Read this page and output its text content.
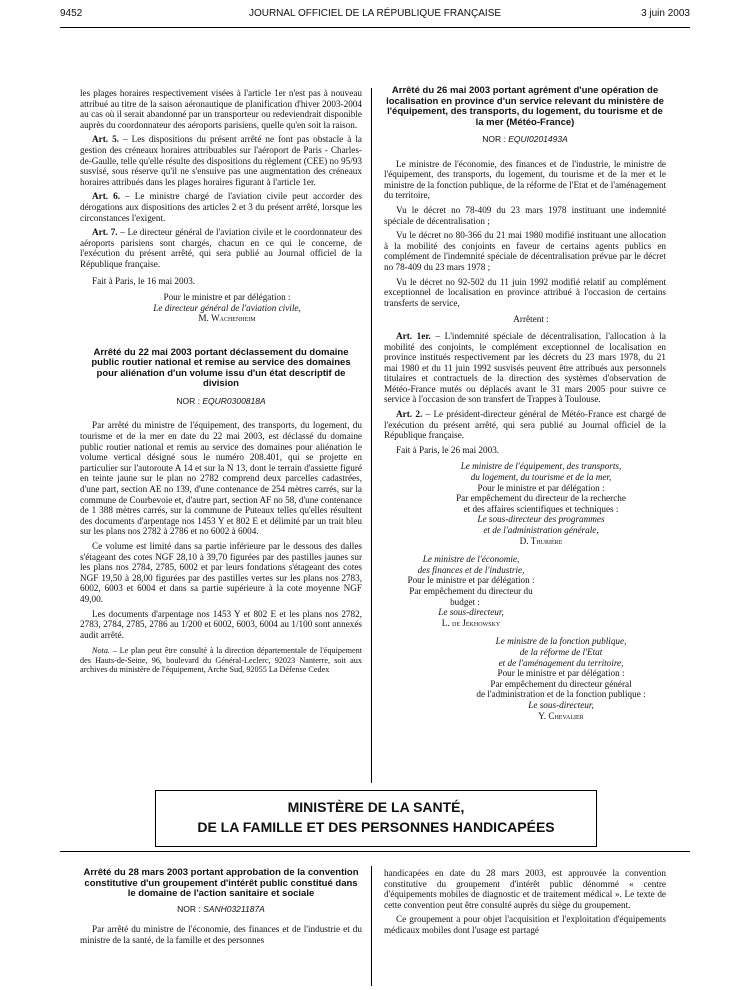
9452	JOURNAL OFFICIEL DE LA RÉPUBLIQUE FRANÇAISE	3 juin 2003

les plages horaires respectivement visées à l'article 1er n'est pas à nouveau attribué au titre de la saison aéronautique de planification d'hiver 2003-2004 au cas où il serait abandonné par un transporteur ou redeviendrait disponible auprès du coordonnateur des aéroports parisiens, quelle qu'en soit la raison.

Art. 5. – Les dispositions du présent arrêté ne font pas obstacle à la gestion des créneaux horaires attribuables sur l'aéroport de Paris - Charles-de-Gaulle, telle qu'elle résulte des dispositions du règlement (CEE) no 95/93 susvisé, sous réserve qu'il ne s'ensuive pas une augmentation des créneaux horaires attribués dans les plages horaires figurant à l'article 1er.

Art. 6. – Le ministre chargé de l'aviation civile peut accorder des dérogations aux dispositions des articles 2 et 3 du présent arrêté, lorsque les circonstances l'exigent.

Art. 7. – Le directeur général de l'aviation civile et le coordonnateur des aéroports parisiens sont chargés, chacun en ce qui le concerne, de l'exécution du présent arrêté, qui sera publié au Journal officiel de la République française.

Fait à Paris, le 16 mai 2003.

Pour le ministre et par délégation :

Le directeur général de l'aviation civile,

M. Wachenheim

Arrêté du 22 mai 2003 portant déclassement du domaine public routier national et remise au service des domaines pour aliénation d'un volume issu d'un état descriptif de division
NOR : EQUR0300818A

Par arrêté du ministre de l'équipement, des transports, du logement, du tourisme et de la mer en date du 22 mai 2003, est déclassé du domaine public routier national et remis au service des domaines pour aliénation le volume vertical désigné sous le numéro 208.401, qui se projette en particulier sur l'autoroute A 14 et sur la N 13, dont le terrain d'assiette figuré en teinte jaune sur le plan no 2782 comprend deux parcelles cadastrées, d'une part, section AE no 139, d'une contenance de 254 mètres carrés, sur la commune de Courbevoie et, d'autre part, section AF no 58, d'une contenance de 1 388 mètres carrés, sur la commune de Puteaux telles qu'elles résultent des documents d'arpentage nos 1453 Y et 802 E et délimité par un trait bleu sur les plans nos 2782 à 2786 et no 6002 à 6004.

Ce volume est limité dans sa partie inférieure par le dessous des dalles s'étageant des cotes NGF 28,10 à 39,70 figurées par des pastilles jaunes sur les plans nos 2784, 2785, 6002 et par leurs fondations s'étageant des cotes NGF 19,50 à 28,00 figurées par des pastilles vertes sur les plans nos 2783, 6002, 6003 et 6004 et dans sa partie supérieure à la cote moyenne NGF 49,00.

Les documents d'arpentage nos 1453 Y et 802 E et les plans nos 2782, 2783, 2784, 2785, 2786 au 1/200 et 6002, 6003, 6004 au 1/100 sont annexés audit arrêté.

Nota. – Le plan peut être consulté à la direction départementale de l'équipement des Hauts-de-Seine, 96, boulevard du Général-Leclerc, 92023 Nanterre, soit aux archives du ministère de l'équipement, Arche Sud, 92055 La Défense Cedex
Arrêté du 26 mai 2003 portant agrément d'une opération de localisation en province d'un service relevant du ministère de l'équipement, des transports, du logement, du tourisme et de la mer (Météo-France)
NOR : EQUI0201493A

Le ministre de l'économie, des finances et de l'industrie, le ministre de l'équipement, des transports, du logement, du tourisme et de la mer et le ministre de la fonction publique, de la réforme de l'Etat et de l'aménagement du territoire,

Vu le décret no 78-409 du 23 mars 1978 instituant une indemnité spéciale de décentralisation ;

Vu le décret no 80-366 du 21 mai 1980 modifié instituant une allocation à la mobilité des conjoints en faveur de certains agents publics en complément de l'indemnité spéciale de décentralisation prévue par le décret no 78-409 du 23 mars 1978 ;

Vu le décret no 92-502 du 11 juin 1992 modifié relatif au complément exceptionnel de localisation en province attribué à l'occasion de certains transferts de service,

Arrêtent :

Art. 1er. – L'indemnité spéciale de décentralisation, l'allocation à la mobilité des conjoints, le complément exceptionnel de localisation en province institués respectivement par les décrets du 23 mars 1978, du 21 mai 1980 et du 11 juin 1992 susvisés peuvent être attribués aux personnels titulaires et contractuels de la direction des systèmes d'observation de Météo-France mutés ou déplacés avant le 31 mars 2005 pour suivre ce service à l'occasion de son transfert de Trappes à Toulouse.

Art. 2. – Le président-directeur général de Météo-France est chargé de l'exécution du présent arrêté, qui sera publié au Journal officiel de la République française.

Fait à Paris, le 26 mai 2003.

Le ministre de l'équipement, des transports,

du logement, du tourisme et de la mer,

Pour le ministre et par délégation :

Par empêchement du directeur de la recherche

et des affaires scientifiques et techniques :

Le sous-directeur des programmes

et de l'administration générale,

D. Thurière

Le ministre de l'économie,

des finances et de l'industrie,

Pour le ministre et par délégation :

Par empêchement du directeur du budget :

Le sous-directeur,

L. de Jekhowsky

Le ministre de la fonction publique,

de la réforme de l'Etat

et de l'aménagement du territoire,

Pour le ministre et par délégation :

Par empêchement du directeur général

de l'administration et de la fonction publique :

Le sous-directeur,

Y. Chevalier

MINISTÈRE DE LA SANTÉ,
DE LA FAMILLE ET DES PERSONNES HANDICAPÉES
Arrêté du 28 mars 2003 portant approbation de la convention constitutive d'un groupement d'intérêt public constitué dans le domaine de l'action sanitaire et sociale
NOR : SANH0321187A

Par arrêté du ministre de l'économie, des finances et de l'industrie et du ministre de la santé, de la famille et des personnes

handicapées en date du 28 mars 2003, est approuvée la convention constitutive du groupement d'intérêt public dénommé « centre d'équipements mobiles de diagnostic et de traitement médical ». Le texte de cette convention peut être consulté auprès du siège du groupement.

Ce groupement a pour objet l'acquisition et l'exploitation d'équipements médicaux mobiles dont l'usage est partagé
